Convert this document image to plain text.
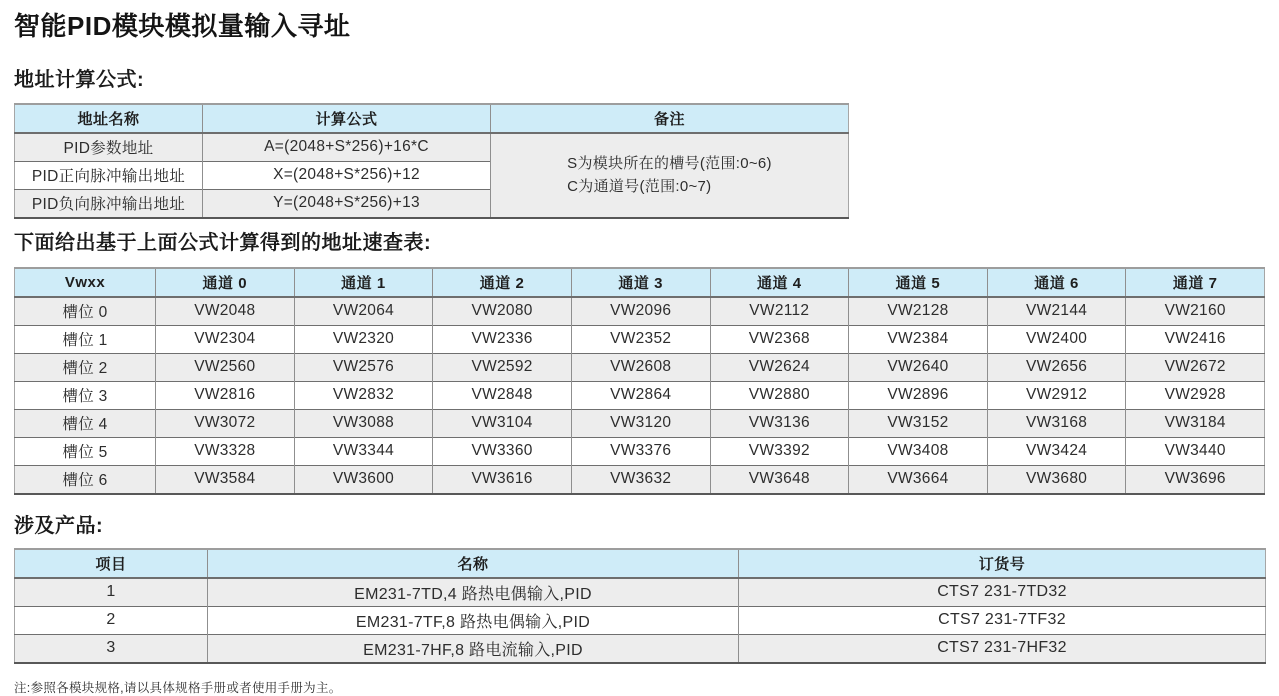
智能PID模块模拟量输入寻址
地址计算公式:
地址名称	计算公式	备注
PID参数地址	A=(2048+S*256)+16*C	S为模块所在的槽号(范围:0~6)
C为通道号(范围:0~7)

PID正向脉冲输出地址	X=(2048+S*256)+12	
PID负向脉冲输出地址	Y=(2048+S*256)+13	
下面给出基于上面公式计算得到的地址速查表:
Vwxx	通道 0	通道 1	通道 2	通道 3	通道 4	通道 5	通道 6	通道 7
槽位 0	VW2048	VW2064	VW2080	VW2096	VW2112	VW2128	VW2144	VW2160
槽位 1	VW2304	VW2320	VW2336	VW2352	VW2368	VW2384	VW2400	VW2416
槽位 2	VW2560	VW2576	VW2592	VW2608	VW2624	VW2640	VW2656	VW2672
槽位 3	VW2816	VW2832	VW2848	VW2864	VW2880	VW2896	VW2912	VW2928
槽位 4	VW3072	VW3088	VW3104	VW3120	VW3136	VW3152	VW3168	VW3184
槽位 5	VW3328	VW3344	VW3360	VW3376	VW3392	VW3408	VW3424	VW3440
槽位 6	VW3584	VW3600	VW3616	VW3632	VW3648	VW3664	VW3680	VW3696
涉及产品:
项目	名称	订货号
1	EM231-7TD,4 路热电偶输入,PID	CTS7 231-7TD32
2	EM231-7TF,8 路热电偶输入,PID	CTS7 231-7TF32
3	EM231-7HF,8 路电流输入,PID	CTS7 231-7HF32
注:参照各模块规格,请以具体规格手册或者使用手册为主。
